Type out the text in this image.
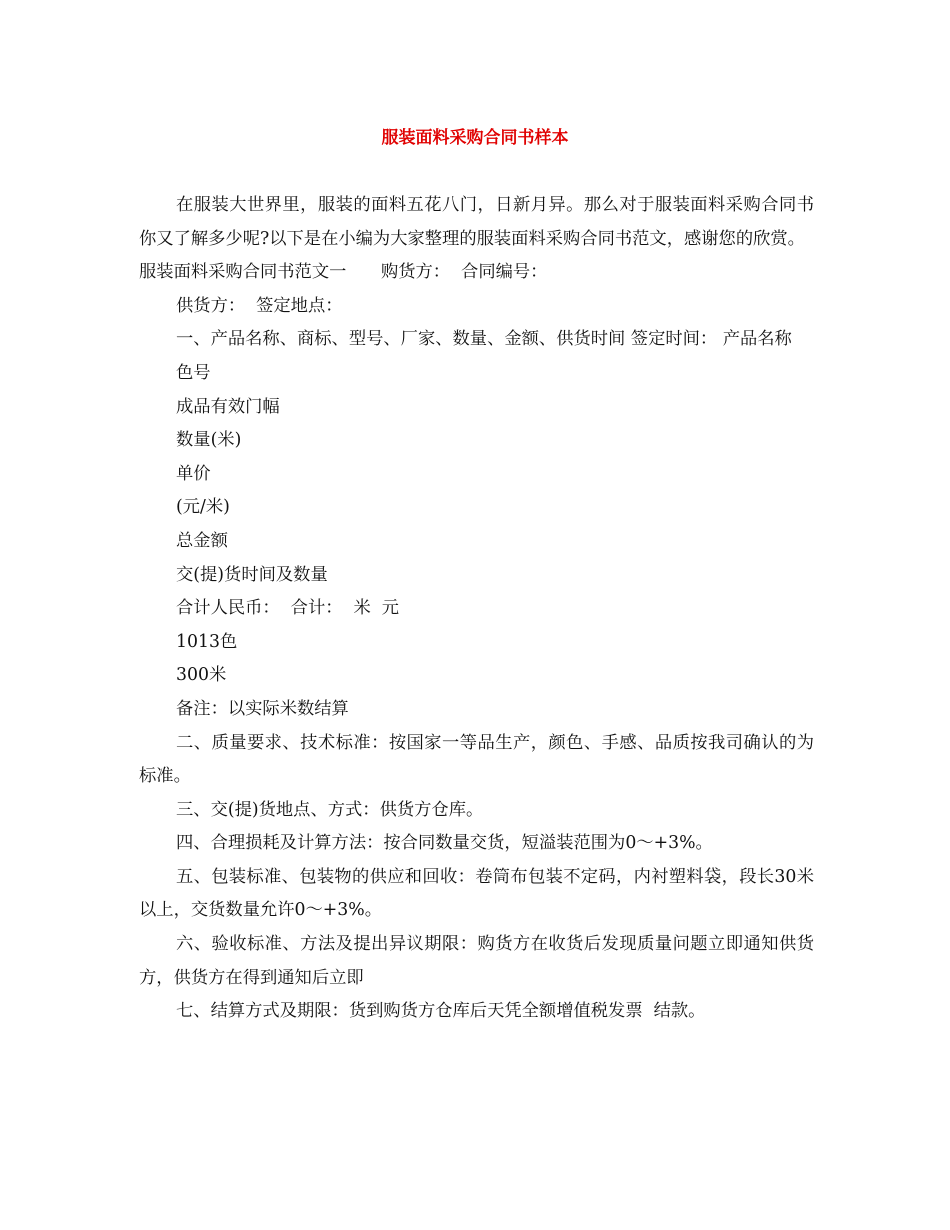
服装面料采购合同书样本

在服装大世界里，服装的面料五花八门，日新月异。那么对于服装面料采购合同书你又了解多少呢?以下是在小编为大家整理的服装面料采购合同书范文，感谢您的欣赏。

服装面料采购合同书范文一　　购货方：  合同编号：

供货方：  签定地点：

一、产品名称、商标、型号、厂家、数量、金额、供货时间 签定时间： 产品名称

色号

成品有效门幅

数量(米)

单价

(元/米)

总金额

交(提)货时间及数量

合计人民币：  合计：  米  元

1013色

300米

备注：以实际米数结算

二、质量要求、技术标准：按国家一等品生产，颜色、手感、品质按我司确认的为标准。

三、交(提)货地点、方式：供货方仓库。

四、合理损耗及计算方法：按合同数量交货，短溢装范围为0～+3%。

五、包装标准、包装物的供应和回收：卷筒布包装不定码，内衬塑料袋，段长30米以上，交货数量允许0～+3%。

六、验收标准、方法及提出异议期限：购货方在收货后发现质量问题立即通知供货方，供货方在得到通知后立即

七、结算方式及期限：货到购货方仓库后天凭全额增值税发票  结款。
